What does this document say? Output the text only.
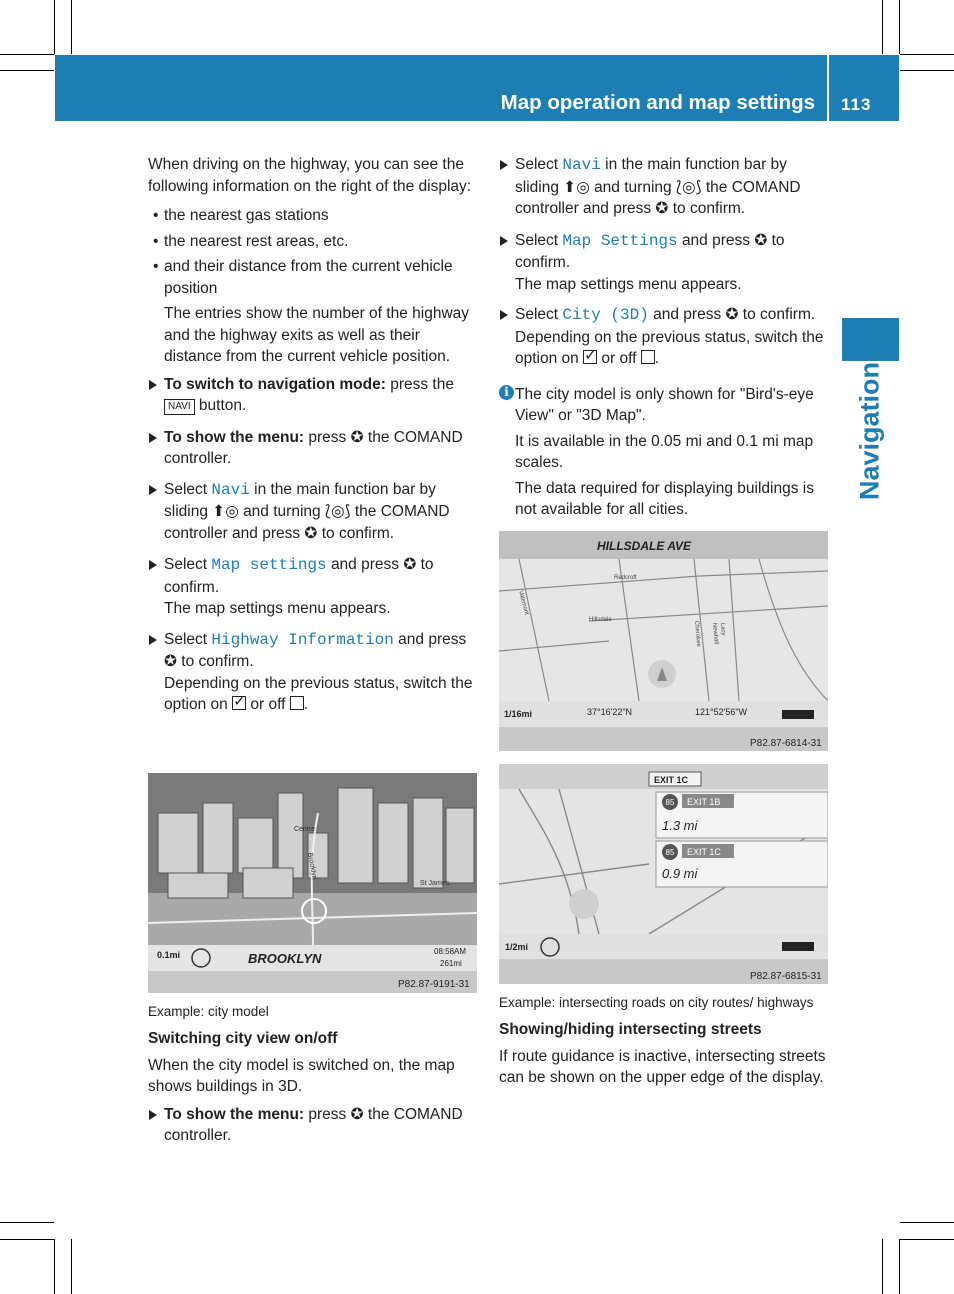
Map operation and map settings 113
Navigation

When driving on the highway, you can see the following information on the right of the display:

• the nearest gas stations

• the nearest rest areas, etc.

• and their distance from the current vehicle position

The entries show the number of the highway and the highway exits as well as their distance from the current vehicle position.

To switch to navigation mode: press the NAVI button.

To show the menu: press ✪ the COMAND controller.

Select Navi in the main function bar by sliding ⬆◎ and turning ⟅◎⟆ the COMAND controller and press ✪ to confirm.

Select Map settings and press ✪ to confirm.

The map settings menu appears.

Select Highway Information and press ✪ to confirm.

Depending on the previous status, switch the option on ✓ or off .

Centre
Brooklyn
St James
0.1mi	BROOKLYN	08:58AM
261mi
P82.87-9191-31

Example: city model

Switching city view on/off

When the city model is switched on, the map shows buildings in 3D.

To show the menu: press ✪ the COMAND controller.

Select Navi in the main function bar by sliding ⬆◎ and turning ⟅◎⟆ the COMAND controller and press ✪ to confirm.

Select Map Settings and press ✪ to confirm.

The map settings menu appears.

Select City (3D) and press ✪ to confirm.

Depending on the previous status, switch the option on ✓ or off .

i The city model is only shown for "Bird's-eye View" or "3D Map".

It is available in the 0.05 mi and 0.1 mi map scales.

The data required for displaying buildings is not available for all cities.

HILLSDALE AVE
Redcroft
Hillsdale
Valemont
Cherokee Newhall Lacy
1/16mi	37°16'22"N	121°52'56"W
P82.87-6814-31
EXIT 1C
85 EXIT 1B
1.3 mi
85 EXIT 1C
0.9 mi
1/2mi
P82.87-6815-31

Example: intersecting roads on city routes/ highways

Showing/hiding intersecting streets

If route guidance is inactive, intersecting streets can be shown on the upper edge of the display.
